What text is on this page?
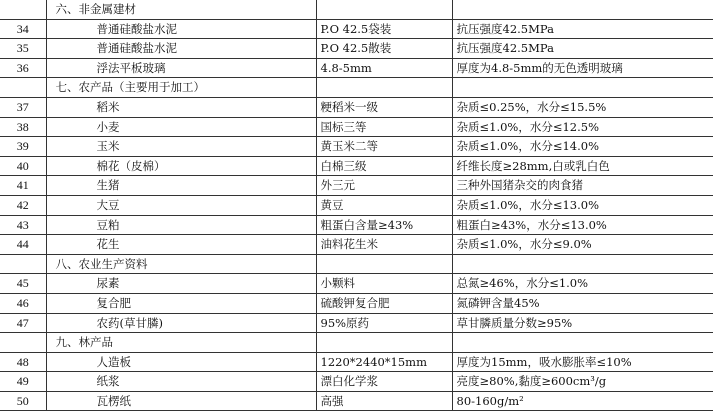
	六、非金属建材		
34	普通硅酸盐水泥	P.O 42.5袋装	抗压强度42.5MPa
35	普通硅酸盐水泥	P.O 42.5散装	抗压强度42.5MPa
36	浮法平板玻璃	4.8-5mm	厚度为4.8-5mm的无色透明玻璃
	七、农产品（主要用于加工）		
37	稻米	粳稻米一级	杂质≤0.25%，水分≤15.5%
38	小麦	国标三等	杂质≤1.0%，水分≤12.5%
39	玉米	黄玉米二等	杂质≤1.0%，水分≤14.0%
40	棉花（皮棉）	白棉三级	纤维长度≥28mm,白或乳白色
41	生猪	外三元	三种外国猪杂交的肉食猪
42	大豆	黄豆	杂质≤1.0%，水分≤13.0%
43	豆粕	粗蛋白含量≥43%	粗蛋白≥43%，水分≤13.0%
44	花生	油料花生米	杂质≤1.0%，水分≤9.0%
	八、农业生产资料		
45	尿素	小颗料	总氮≥46%，水分≤1.0%
46	复合肥	硫酸钾复合肥	氮磷钾含量45%
47	农药(草甘膦)	95%原药	草甘膦质量分数≥95%
	九、林产品		
48	人造板	1220*2440*15mm	厚度为15mm，吸水膨胀率≤10%
49	纸浆	漂白化学浆	亮度≥80%,黏度≥600cm³/g
50	瓦楞纸	高强	80-160g/m²
